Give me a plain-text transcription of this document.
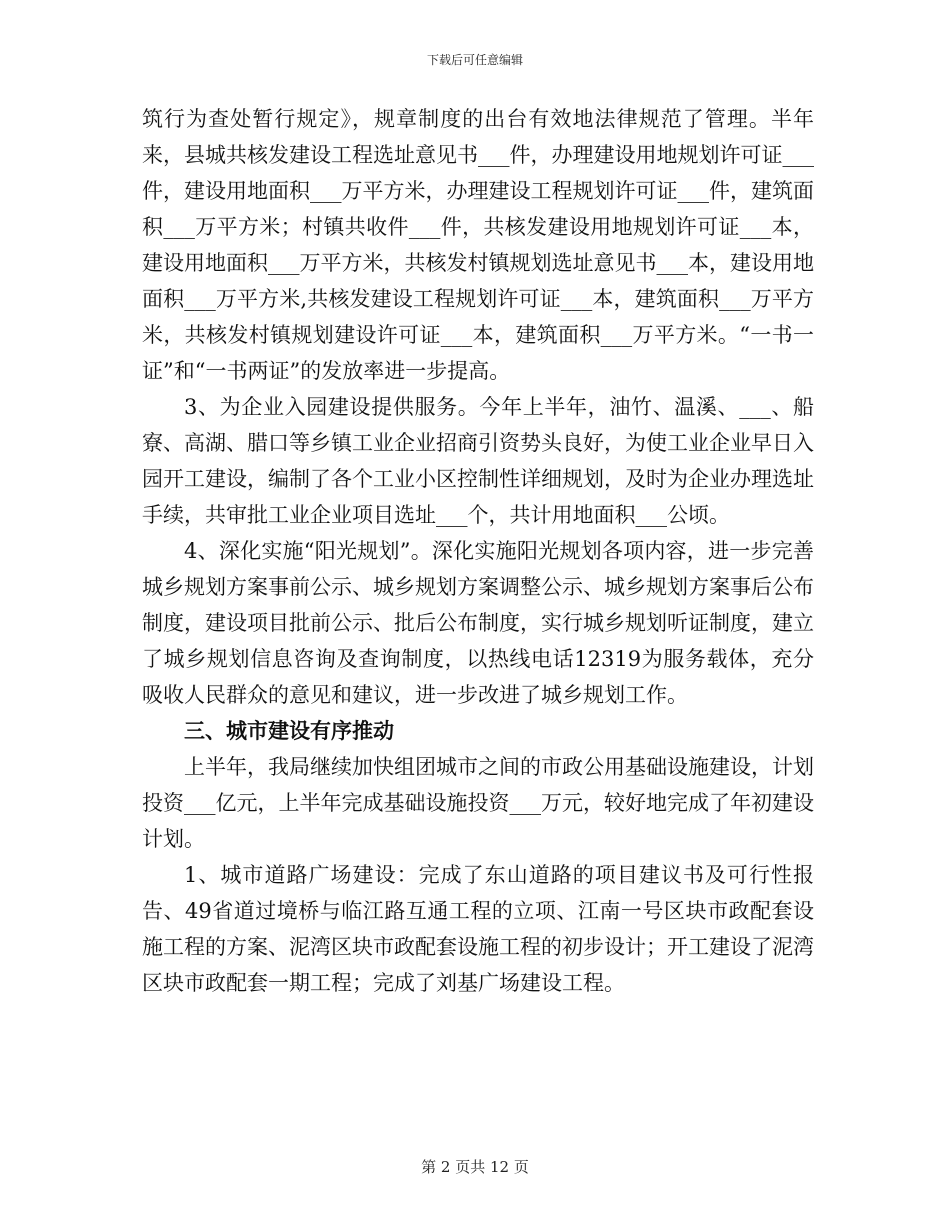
下载后可任意编辑

筑行为查处暂行规定》，规章制度的出台有效地法律规范了管理。半年来，县城共核发建设工程选址意见书___件，办理建设用地规划许可证___件，建设用地面积___万平方米，办理建设工程规划许可证___件，建筑面积___万平方米；村镇共收件___件，共核发建设用地规划许可证___本，建设用地面积___万平方米，共核发村镇规划选址意见书___本，建设用地面积___万平方米,共核发建设工程规划许可证___本，建筑面积___万平方米，共核发村镇规划建设许可证___本，建筑面积___万平方米。“一书一证”和“一书两证”的发放率进一步提高。

3、为企业入园建设提供服务。今年上半年，油竹、温溪、___、船寮、高湖、腊口等乡镇工业企业招商引资势头良好，为使工业企业早日入园开工建设，编制了各个工业小区控制性详细规划，及时为企业办理选址手续，共审批工业企业项目选址___个，共计用地面积___公顷。

4、深化实施“阳光规划”。深化实施阳光规划各项内容，进一步完善城乡规划方案事前公示、城乡规划方案调整公示、城乡规划方案事后公布制度，建设项目批前公示、批后公布制度，实行城乡规划听证制度，建立了城乡规划信息咨询及查询制度，以热线电话12319为服务载体，充分吸收人民群众的意见和建议，进一步改进了城乡规划工作。

三、城市建设有序推动

上半年，我局继续加快组团城市之间的市政公用基础设施建设，计划投资___亿元，上半年完成基础设施投资___万元，较好地完成了年初建设计划。

1、城市道路广场建设：完成了东山道路的项目建议书及可行性报告、49省道过境桥与临江路互通工程的立项、江南一号区块市政配套设施工程的方案、泥湾区块市政配套设施工程的初步设计；开工建设了泥湾区块市政配套一期工程；完成了刘基广场建设工程。

第 2 页共 12 页
